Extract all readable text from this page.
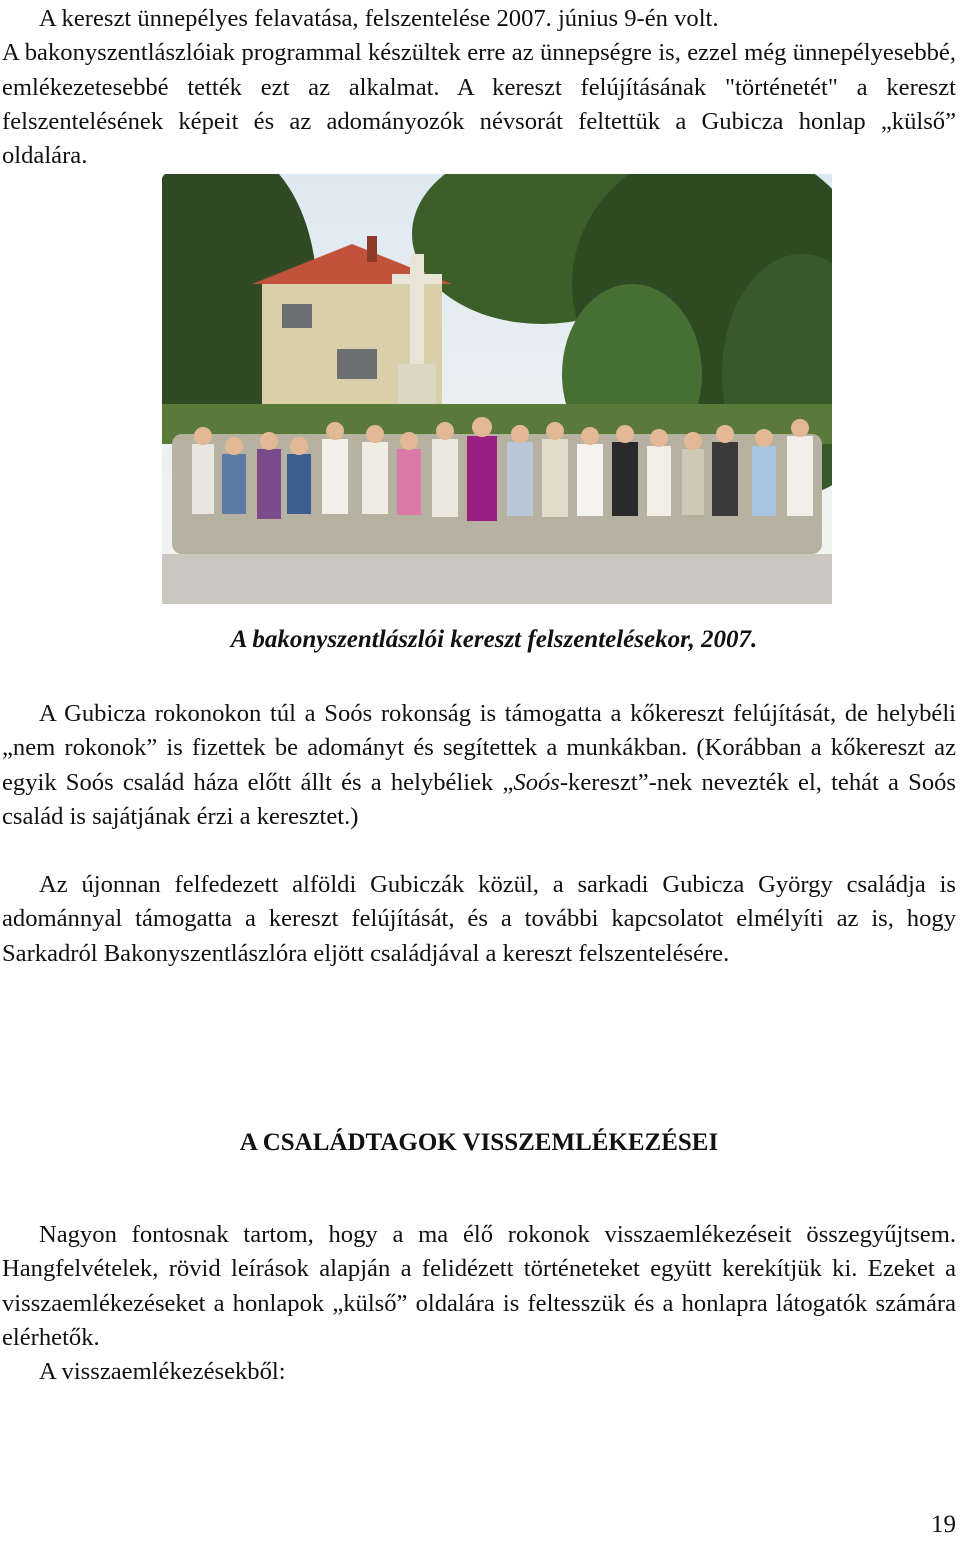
A kereszt ünnepélyes felavatása, felszentelése 2007. június 9-én volt.
A bakonyszentlászlóiak programmal készültek erre az ünnepségre is, ezzel még ünnepélyesebbé, emlékezetesebbé tették ezt az alkalmat. A kereszt felújításának "történetét" a kereszt felszentelésének képeit és az adományozók névsorát feltettük a Gubicza honlap „külső” oldalára.

A bakonyszentlászlói kereszt felszentelésekor, 2007.

A Gubicza rokonokon túl a Soós rokonság is támogatta a kőkereszt felújítását, de helybéli „nem rokonok” is fizettek be adományt és segítettek a munkákban. (Korábban a kőkereszt az egyik Soós család háza előtt állt és a helybéliek „Soós-kereszt”-nek nevezték el, tehát a Soós család is sajátjának érzi a keresztet.)

Az újonnan felfedezett alföldi Gubiczák közül, a sarkadi Gubicza György családja is adománnyal támogatta a kereszt felújítását, és a további kapcsolatot elmélyíti az is, hogy Sarkadról Bakonyszentlászlóra eljött családjával a kereszt felszentelésére.

A CSALÁDTAGOK VISSZEMLÉKEZÉSEI

Nagyon fontosnak tartom, hogy a ma élő rokonok visszaemlékezéseit összegyűjtsem. Hangfelvételek, rövid leírások alapján a felidézett történeteket együtt kerekítjük ki. Ezeket a visszaemlékezéseket a honlapok „külső” oldalára is feltesszük és a honlapra látogatók számára elérhetők.

A visszaemlékezésekből:

19
